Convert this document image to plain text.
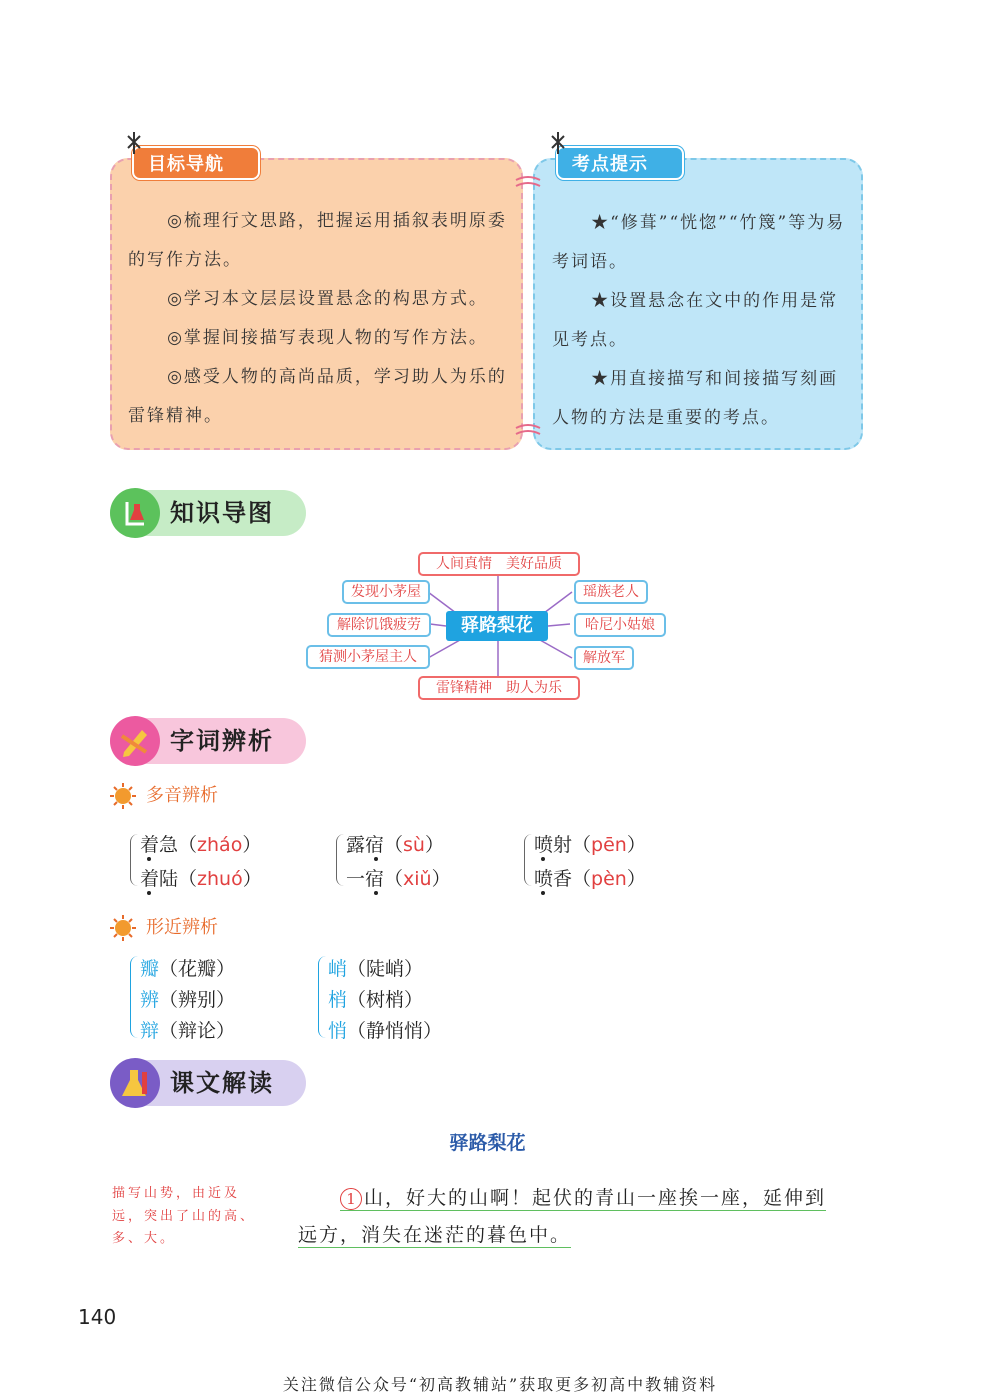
◎梳理行文思路，把握运用插叙表明原委的写作方法。

◎学习本文层层设置悬念的构思方式。

◎掌握间接描写表现人物的写作方法。

◎感受人物的高尚品质，学习助人为乐的雷锋精神。

目标导航

★“修葺”“恍惚”“竹篾”等为易考词语。

★设置悬念在文中的作用是常见考点。

★用直接描写和间接描写刻画人物的方法是重要的考点。

考点提示
知识导图
人间真情　美好品质
雷锋精神　助人为乐
发现小茅屋
解除饥饿疲劳
猜测小茅屋主人
瑶族老人
哈尼小姑娘
解放军
驿路梨花
字词辨析
多音辨析
着急（zháo）
着陆（zhuó）
露宿（sù）
一宿（xiǔ）
喷射（pēn）
喷香（pèn）
形近辨析
瓣（花瓣）
辨（辨别）
辩（辩论）
峭（陡峭）
梢（树梢）
悄（静悄悄）
课文解读
驿路梨花
描写山势，由近及远，突出了山的高、多、大。
1 山，好大的山啊！起伏的青山一座挨一座，延伸到
远方，消失在迷茫的暮色中。
140
关注微信公众号“初高教辅站”获取更多初高中教辅资料
